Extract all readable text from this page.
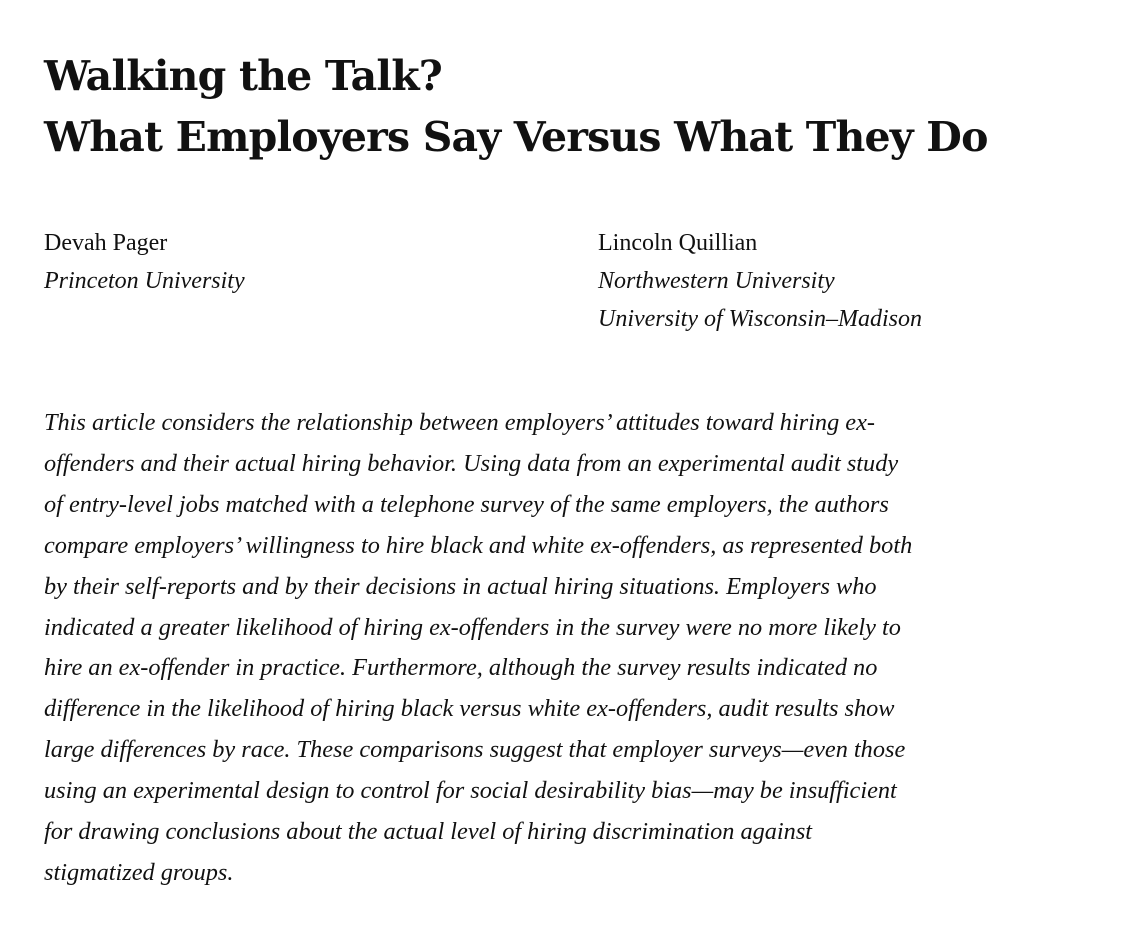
Walking the Talk?
What Employers Say Versus What They Do
Devah Pager
Princeton University
Lincoln Quillian
Northwestern University
University of Wisconsin–Madison
This article considers the relationship between employers’ attitudes toward hiring ex-
offenders and their actual hiring behavior. Using data from an experimental audit study
of entry-level jobs matched with a telephone survey of the same employers, the authors
compare employers’ willingness to hire black and white ex-offenders, as represented both
by their self-reports and by their decisions in actual hiring situations. Employers who
indicated a greater likelihood of hiring ex-offenders in the survey were no more likely to
hire an ex-offender in practice. Furthermore, although the survey results indicated no
difference in the likelihood of hiring black versus white ex-offenders, audit results show
large differences by race. These comparisons suggest that employer surveys—even those
using an experimental design to control for social desirability bias—may be insufficient
for drawing conclusions about the actual level of hiring discrimination against
stigmatized groups.
